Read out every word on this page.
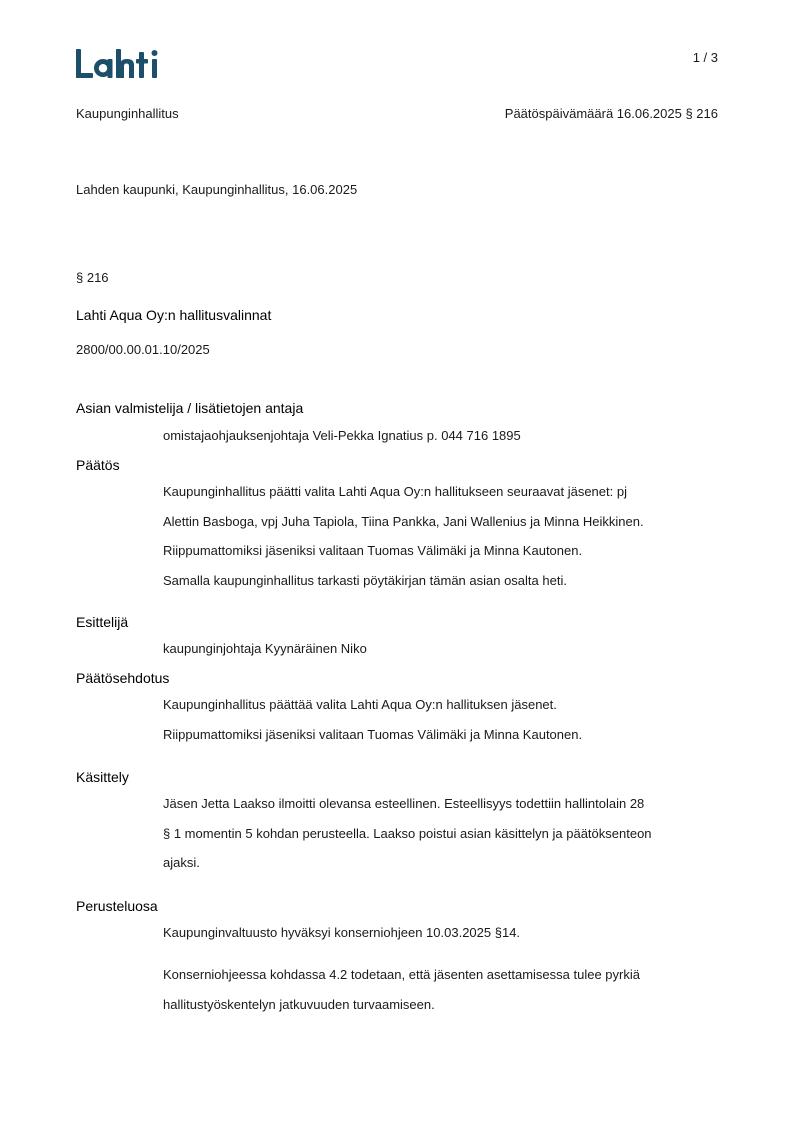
1 / 3
Kaupunginhallitus	Päätöspäivämäärä 16.06.2025 § 216
Lahden kaupunki, Kaupunginhallitus, 16.06.2025
§ 216
Lahti Aqua Oy:n hallitusvalinnat
2800/00.00.01.10/2025
Asian valmistelija / lisätietojen antaja
omistajaohjauksenjohtaja Veli-Pekka Ignatius p. 044 716 1895
Päätös
Kaupunginhallitus päätti valita Lahti Aqua Oy:n hallitukseen seuraavat jäsenet: pj
Alettin Basboga, vpj Juha Tapiola, Tiina Pankka, Jani Wallenius ja Minna Heikkinen.
Riippumattomiksi jäseniksi valitaan Tuomas Välimäki ja Minna Kautonen.
Samalla kaupunginhallitus tarkasti pöytäkirjan tämän asian osalta heti.
Esittelijä
kaupunginjohtaja Kyynäräinen Niko
Päätösehdotus
Kaupunginhallitus päättää valita Lahti Aqua Oy:n hallituksen jäsenet.
Riippumattomiksi jäseniksi valitaan Tuomas Välimäki ja Minna Kautonen.
Käsittely
Jäsen Jetta Laakso ilmoitti olevansa esteellinen. Esteellisyys todettiin hallintolain 28
§ 1 momentin 5 kohdan perusteella. Laakso poistui asian käsittelyn ja päätöksenteon
ajaksi.
Perusteluosa
Kaupunginvaltuusto hyväksyi konserniohjeen 10.03.2025 §14.
Konserniohjeessa kohdassa 4.2 todetaan, että jäsenten asettamisessa tulee pyrkiä
hallitustyöskentelyn jatkuvuuden turvaamiseen.
